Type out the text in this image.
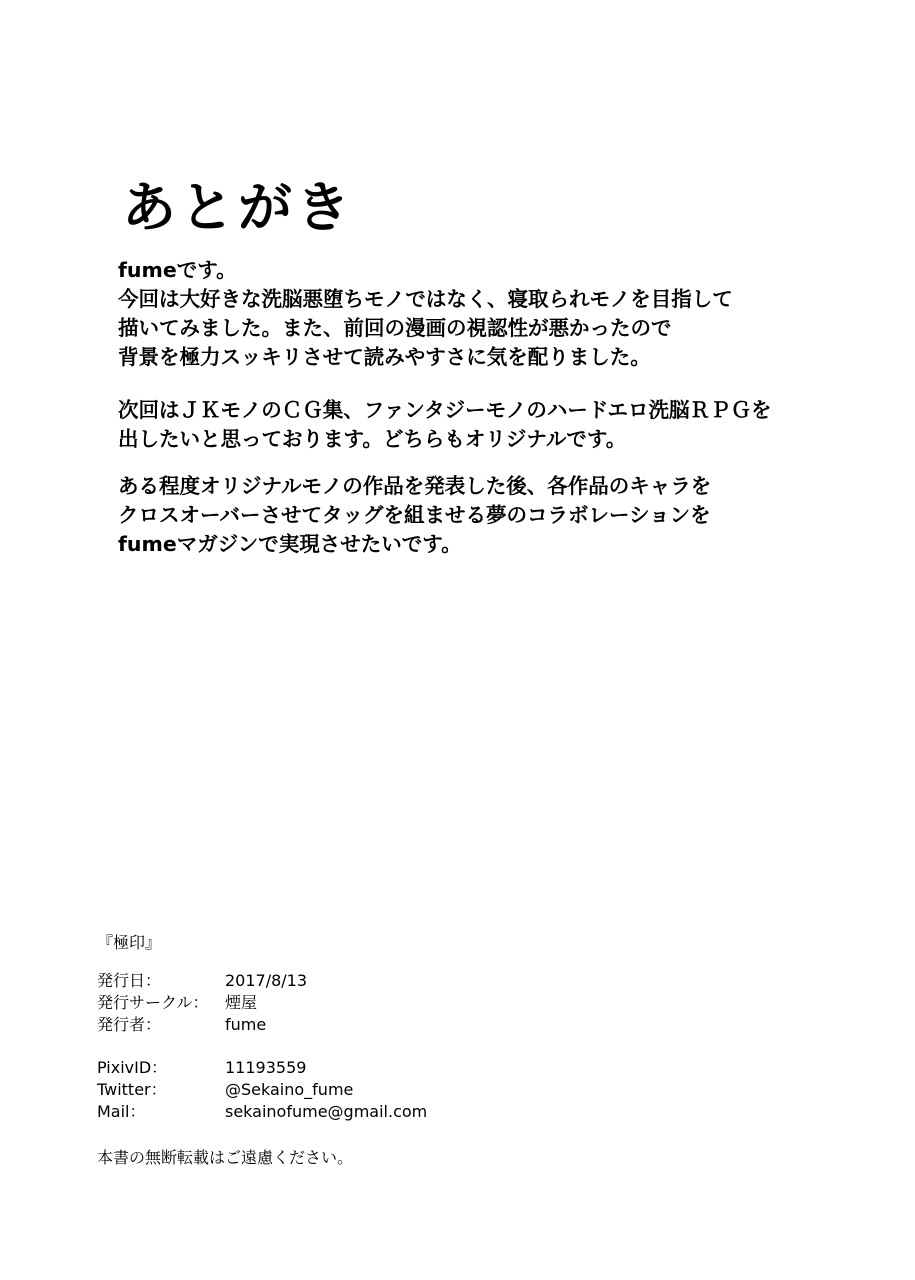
あとがき
fumeです。
今回は大好きな洗脳悪堕ちモノではなく、寝取られモノを目指して
描いてみました。また、前回の漫画の視認性が悪かったので
背景を極力スッキリさせて読みやすさに気を配りました。
次回はＪＫモノのＣＧ集、ファンタジーモノのハードエロ洗脳ＲＰＧを
出したいと思っております。どちらもオリジナルです。
ある程度オリジナルモノの作品を発表した後、各作品のキャラを
クロスオーバーさせてタッグを組ませる夢のコラボレーションを
fumeマガジンで実現させたいです。
『極印』
発行日：	2017/8/13
発行サークル： 煙屋
発行者：	fume
PixivID：	11193559
Twitter：	@Sekaino_fume
Mail：	sekainofume@gmail.com
本書の無断転載はご遠慮ください。
